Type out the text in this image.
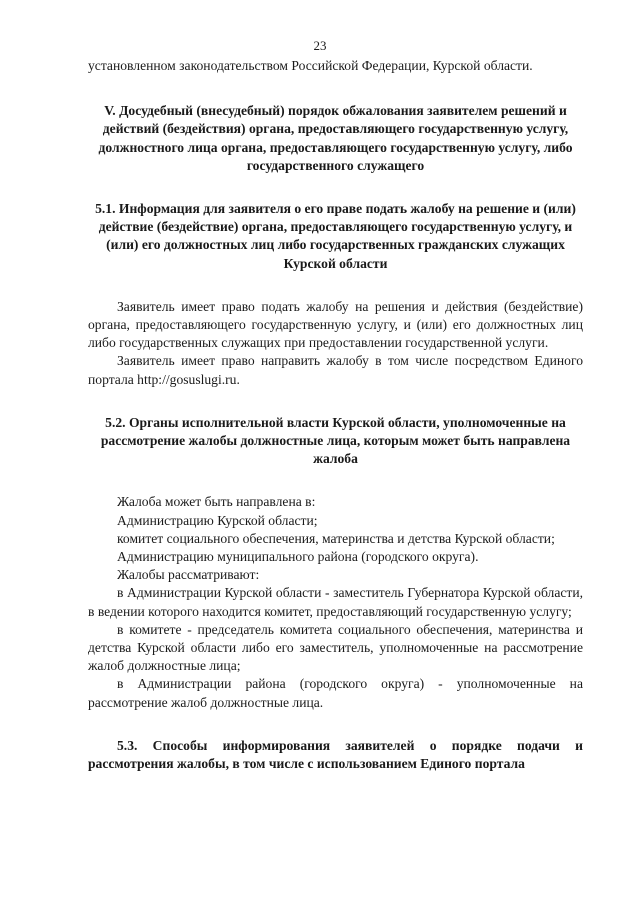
23

установленном законодательством Российской Федерации, Курской области.

V. Досудебный (внесудебный) порядок обжалования заявителем решений и действий (бездействия) органа, предоставляющего государственную услугу, должностного лица органа, предоставляющего государственную услугу, либо государственного служащего
5.1. Информация для заявителя о его праве подать жалобу на решение и (или) действие (бездействие) органа, предоставляющего государственную услугу, и (или) его должностных лиц либо государственных гражданских служащих Курской области

Заявитель имеет право подать жалобу на решения и действия (бездействие) органа, предоставляющего государственную услугу, и (или) его должностных лиц либо государственных служащих при предоставлении государственной услуги.

Заявитель имеет право направить жалобу в том числе посредством Единого портала http://gosuslugi.ru.

5.2. Органы исполнительной власти Курской области, уполномоченные на рассмотрение жалобы должностные лица, которым может быть направлена жалоба

Жалоба может быть направлена в:

Администрацию Курской области;

комитет социального обеспечения, материнства и детства Курской области;

Администрацию муниципального района (городского округа).

Жалобы рассматривают:

в Администрации Курской области - заместитель Губернатора Курской области, в ведении которого находится комитет, предоставляющий государственную услугу;

в комитете - председатель комитета социального обеспечения, материнства и детства Курской области либо его заместитель, уполномоченные на рассмотрение жалоб должностные лица;

в Администрации района (городского округа) - уполномоченные на рассмотрение жалоб должностные лица.

5.3. Способы информирования заявителей о порядке подачи и рассмотрения жалобы, в том числе с использованием Единого портала
